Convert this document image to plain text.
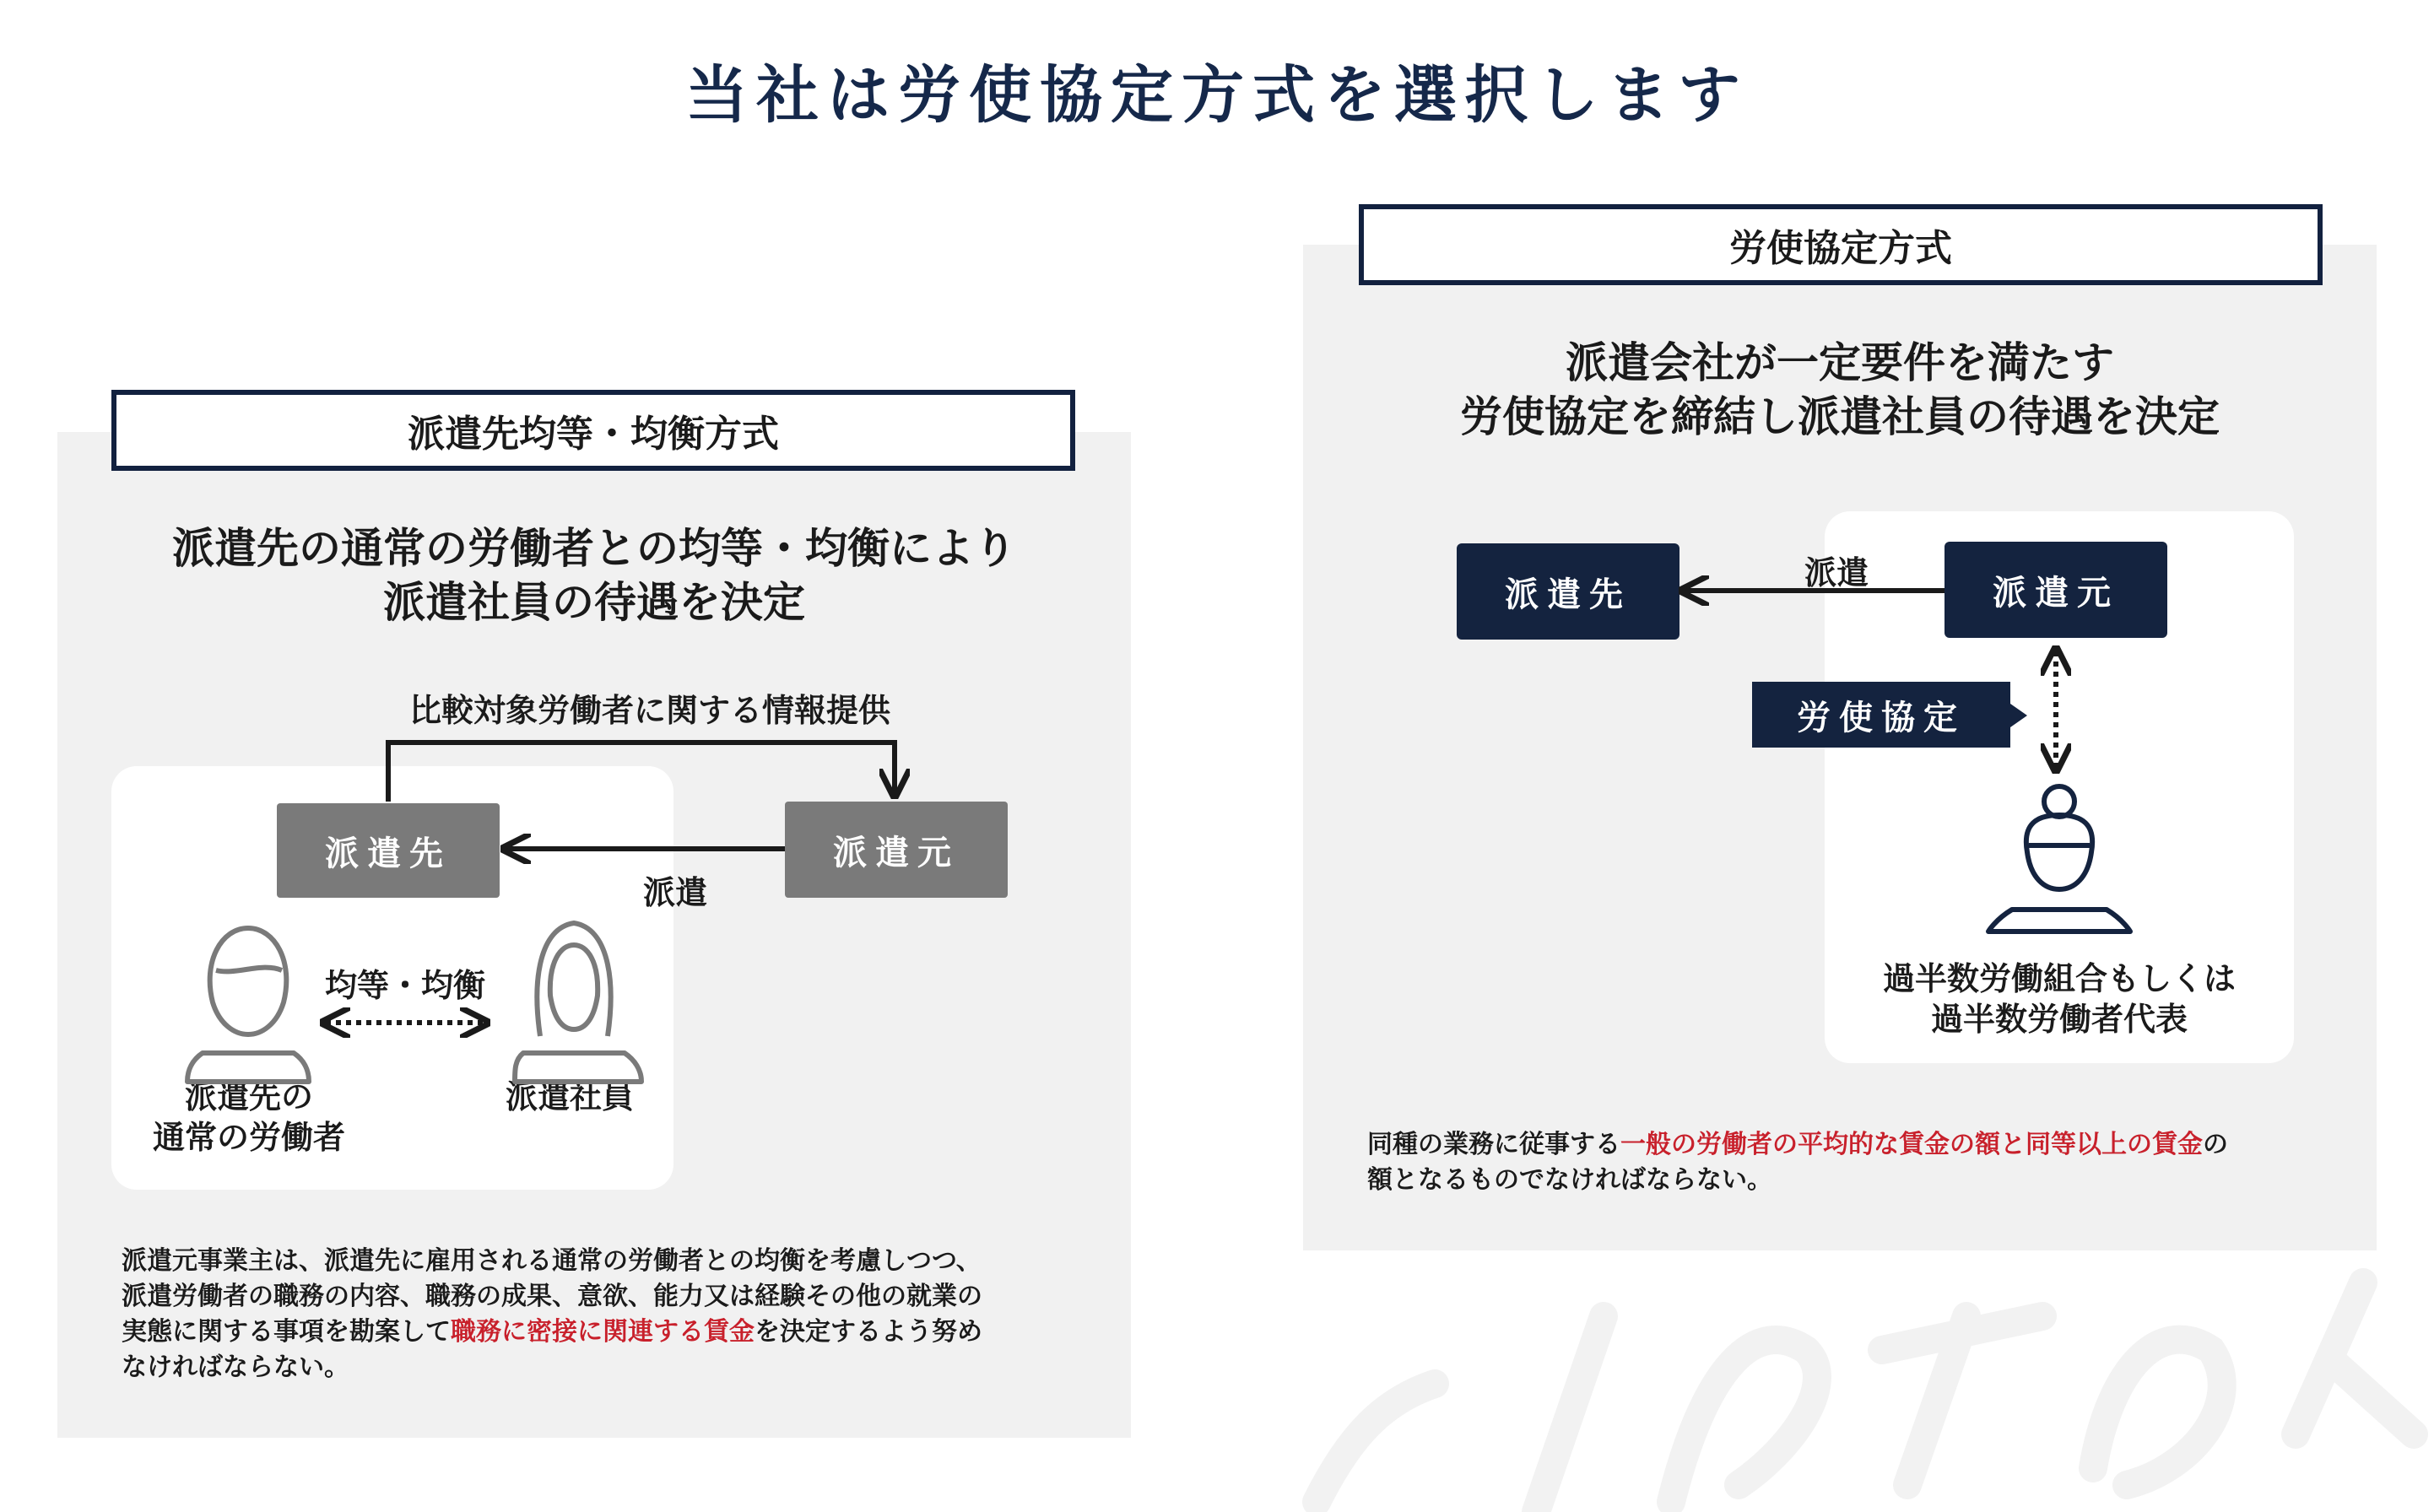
当社は労使協定方式を選択します
派遣先均等・均衡方式
派遣先の通常の労働者との均等・均衡により
派遣社員の待遇を決定
比較対象労働者に関する情報提供
派遣先	派遣元
派遣
均等・均衡
派遣先の
通常の労働者
派遣社員
派遣元事業主は、派遣先に雇用される通常の労働者との均衡を考慮しつつ、
派遣労働者の職務の内容、職務の成果、意欲、能力又は経験その他の就業の
実態に関する事項を勘案して職務に密接に関連する賃金を決定するよう努め
なければならない。
労使協定方式
派遣会社が一定要件を満たす
労使協定を締結し派遣社員の待遇を決定
派遣先	派遣元
派遣
労使協定
過半数労働組合もしくは
過半数労働者代表
同種の業務に従事する一般の労働者の平均的な賃金の額と同等以上の賃金の
額となるものでなければならない。
